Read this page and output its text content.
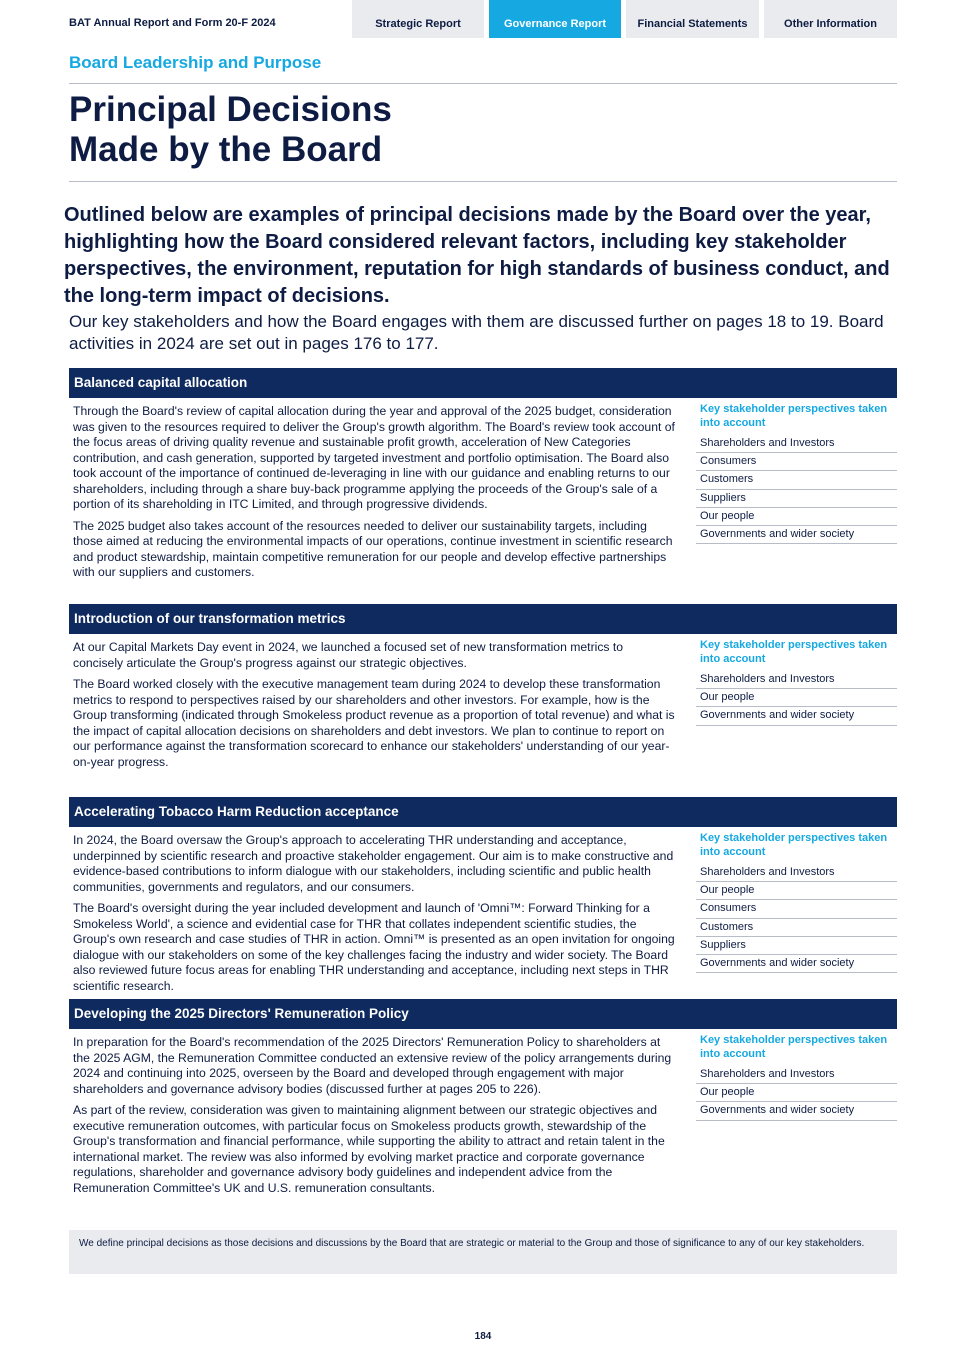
BAT Annual Report and Form 20-F 2024	Strategic Report	Governance Report	Financial Statements	Other Information
Board Leadership and Purpose
Principal Decisions
Made by the Board
Outlined below are examples of principal decisions made by the Board over the year, highlighting how the Board considered relevant factors, including key stakeholder perspectives, the environment, reputation for high standards of business conduct, and the long-term impact of decisions.
Our key stakeholders and how the Board engages with them are discussed further on pages 18 to 19. Board activities in 2024 are set out in pages 176 to 177.
Balanced capital allocation

Through the Board's review of capital allocation during the year and approval of the 2025 budget, consideration was given to the resources required to deliver the Group's growth algorithm. The Board's review took account of the focus areas of driving quality revenue and sustainable profit growth, acceleration of New Categories contribution, and cash generation, supported by targeted investment and portfolio optimisation. The Board also took account of the importance of continued de-leveraging in line with our guidance and enabling returns to our shareholders, including through a share buy-back programme applying the proceeds of the Group's sale of a portion of its shareholding in ITC Limited, and through progressive dividends.

The 2025 budget also takes account of the resources needed to deliver our sustainability targets, including those aimed at reducing the environmental impacts of our operations, continue investment in scientific research and product stewardship, maintain competitive remuneration for our people and develop effective partnerships with our suppliers and customers.

Key stakeholder perspectives taken into account
Shareholders and Investors
Consumers
Customers
Suppliers
Our people
Governments and wider society
Introduction of our transformation metrics

At our Capital Markets Day event in 2024, we launched a focused set of new transformation metrics to concisely articulate the Group's progress against our strategic objectives.

The Board worked closely with the executive management team during 2024 to develop these transformation metrics to respond to perspectives raised by our shareholders and other investors. For example, how is the Group transforming (indicated through Smokeless product revenue as a proportion of total revenue) and what is the impact of capital allocation decisions on shareholders and debt investors. We plan to continue to report on our performance against the transformation scorecard to enhance our stakeholders' understanding of our year-on-year progress.

Key stakeholder perspectives taken into account
Shareholders and Investors
Our people
Governments and wider society
Accelerating Tobacco Harm Reduction acceptance

In 2024, the Board oversaw the Group's approach to accelerating THR understanding and acceptance, underpinned by scientific research and proactive stakeholder engagement. Our aim is to make constructive and evidence-based contributions to inform dialogue with our stakeholders, including scientific and public health communities, governments and regulators, and our consumers.

The Board's oversight during the year included development and launch of 'Omni™: Forward Thinking for a Smokeless World', a science and evidential case for THR that collates independent scientific studies, the Group's own research and case studies of THR in action. Omni™ is presented as an open invitation for ongoing dialogue with our stakeholders on some of the key challenges facing the industry and wider society. The Board also reviewed future focus areas for enabling THR understanding and acceptance, including next steps in THR scientific research.

Key stakeholder perspectives taken into account
Shareholders and Investors
Our people
Consumers
Customers
Suppliers
Governments and wider society
Developing the 2025 Directors' Remuneration Policy

In preparation for the Board's recommendation of the 2025 Directors' Remuneration Policy to shareholders at the 2025 AGM, the Remuneration Committee conducted an extensive review of the policy arrangements during 2024 and continuing into 2025, overseen by the Board and developed through engagement with major shareholders and governance advisory bodies (discussed further at pages 205 to 226).

As part of the review, consideration was given to maintaining alignment between our strategic objectives and executive remuneration outcomes, with particular focus on Smokeless products growth, stewardship of the Group's transformation and financial performance, while supporting the ability to attract and retain talent in the international market. The review was also informed by evolving market practice and corporate governance regulations, shareholder and governance advisory body guidelines and independent advice from the Remuneration Committee's UK and U.S. remuneration consultants.

Key stakeholder perspectives taken into account
Shareholders and Investors
Our people
Governments and wider society
We define principal decisions as those decisions and discussions by the Board that are strategic or material to the Group and those of significance to any of our key stakeholders.
184
